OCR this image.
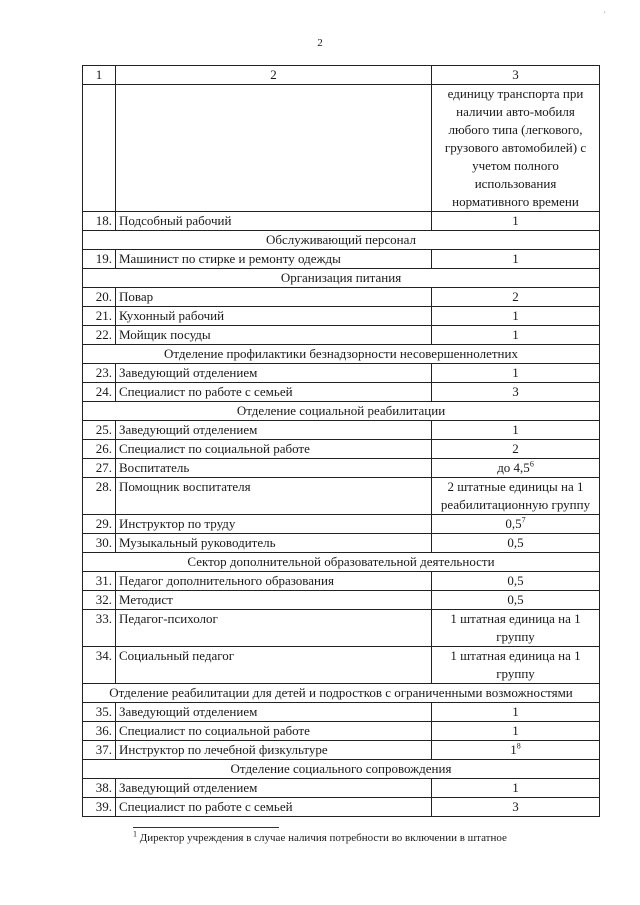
'
2
1	2	3
		единицу транспорта при наличии авто-мобиля любого типа (легкового, грузового автомобилей) с учетом полного использования нормативного времени
18.	Подсобный рабочий	1
Обслуживающий персонал		
19.	Машинист по стирке и ремонту одежды	1
Организация питания		
20.	Повар	2
21.	Кухонный рабочий	1
22.	Мойщик посуды	1
Отделение профилактики безнадзорности несовершеннолетних		
23.	Заведующий отделением	1
24.	Специалист по работе с семьей	3
Отделение социальной реабилитации		
25.	Заведующий отделением	1
26.	Специалист по социальной работе	2
27.	Воспитатель	до $4,5^6$
28.	Помощник воспитателя	2 штатные единицы на 1 реабилитационную группу
29.	Инструктор по труду	$0,5^7$
30.	Музыкальный руководитель	0,5
Сектор дополнительной образовательной деятельности		
31.	Педагог дополнительного образования	0,5
32.	Методист	0,5
33.	Педагог-психолог	1 штатная единица на 1 группу
34.	Социальный педагог	1 штатная единица на 1 группу
Отделение реабилитации для детей и подростков с ограниченными возможностями		
35.	Заведующий отделением	1
36.	Специалист по социальной работе	1
37.	Инструктор по лечебной физкультуре	$1^8$
Отделение социального сопровождения		
38.	Заведующий отделением	1
39.	Специалист по работе с семьей	3
$^1$ Директор учреждения в случае наличия потребности во включении в штатное
